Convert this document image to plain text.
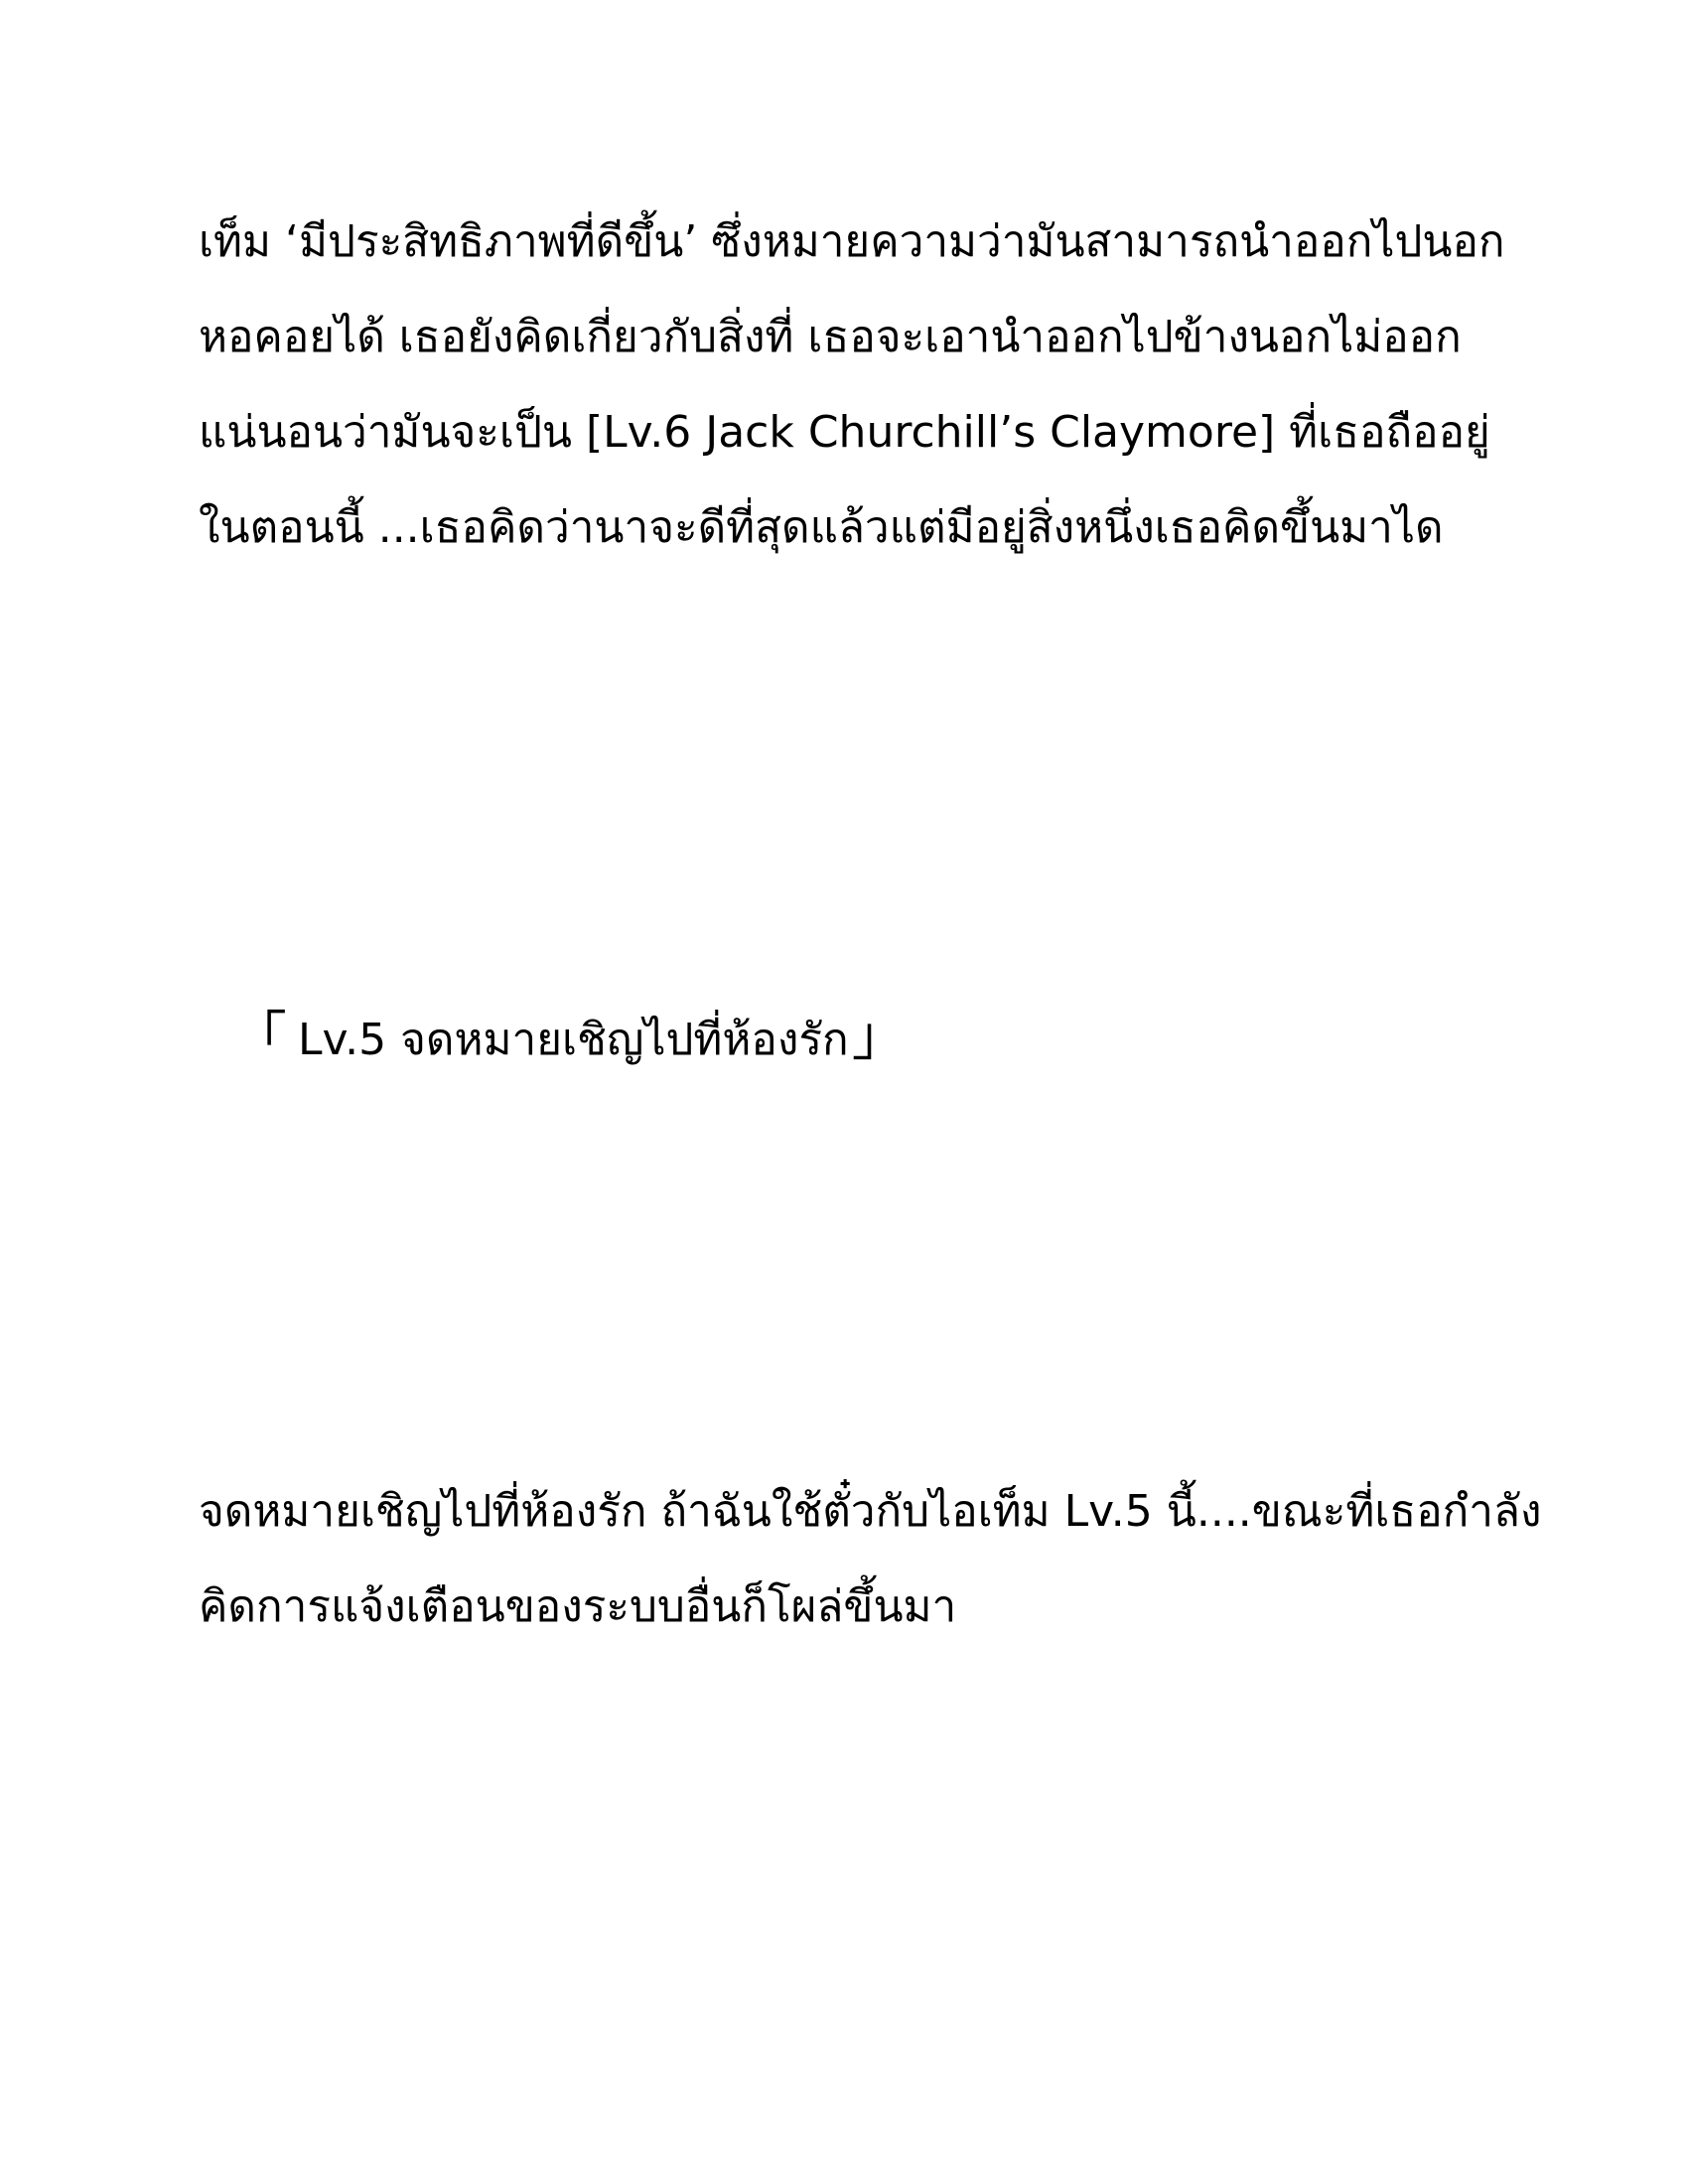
เท็ม ‘มีประสิทธิภาพที่ดีขึ้น’ ซึ่งหมายความว่ามันสามารถนำออกไปนอก
หอคอยได้ เธอยังคิดเกี่ยวกับสิ่งที่ เธอจะเอานำออกไปข้างนอกไม่ออก
แน่นอนว่ามันจะเป็น [Lv.6 Jack Churchill’s Claymore] ที่เธอถืออยู่
ในตอนนี้ ...เธอคิดว่านาจะดีที่สุดแล้วแต่มีอยู่สิ่งหนึ่งเธอคิดขึ้นมาได
「 Lv.5 จดหมายเชิญไปที่ห้องรัก」
จดหมายเชิญไปที่ห้องรัก ถ้าฉันใช้ตั๋วกับไอเท็ม Lv.5 นี้....ขณะที่เธอกำลัง
คิดการแจ้งเตือนของระบบอื่นก็โผล่ขึ้นมา
